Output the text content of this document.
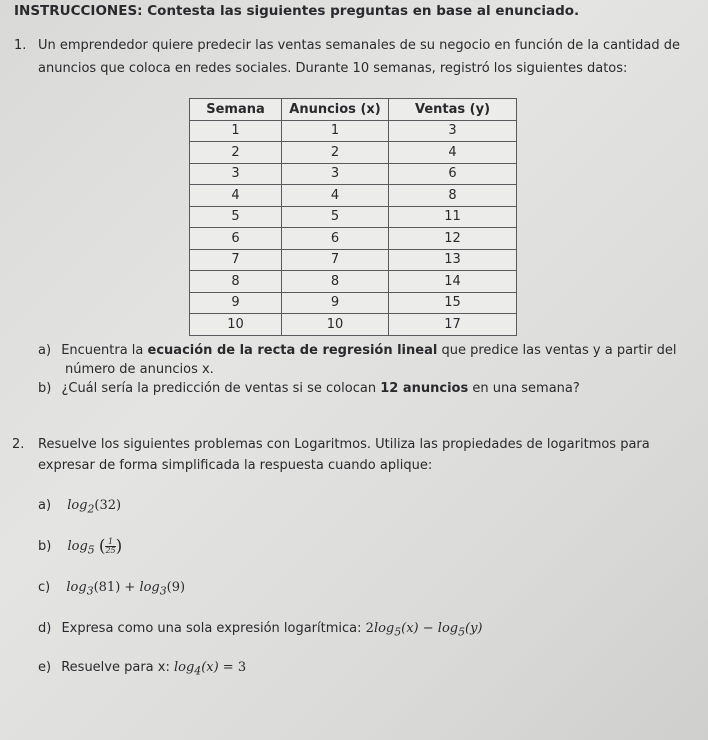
INSTRUCCIONES: Contesta las siguientes preguntas en base al enunciado.
1. Un emprendedor quiere predecir las ventas semanales de su negocio en función de la cantidad de
anuncios que coloca en redes sociales. Durante 10 semanas, registró los siguientes datos:
Semana	Anuncios (x)	Ventas (y)
1	1	3
2	2	4
3	3	6
4	4	8
5	5	11
6	6	12
7	7	13
8	8	14
9	9	15
10	10	17
a) Encuentra la ecuación de la recta de regresión lineal que predice las ventas y a partir del
número de anuncios x.
b) ¿Cuál sería la predicción de ventas si se colocan 12 anuncios en una semana?
2. Resuelve los siguientes problemas con Logaritmos. Utiliza las propiedades de logaritmos para
expresar de forma simplificada la respuesta cuando aplique:
a) $\log_2(32)$
b) $\log_5$ ( $\frac{1}{25}$ )
c) $\log_3(81) + \log_3(9)$
d) Expresa como una sola expresión logarítmica: $2\log_5(x) - \log_5(y)$
e) Resuelve para x: $\log_4(x) = 3$
